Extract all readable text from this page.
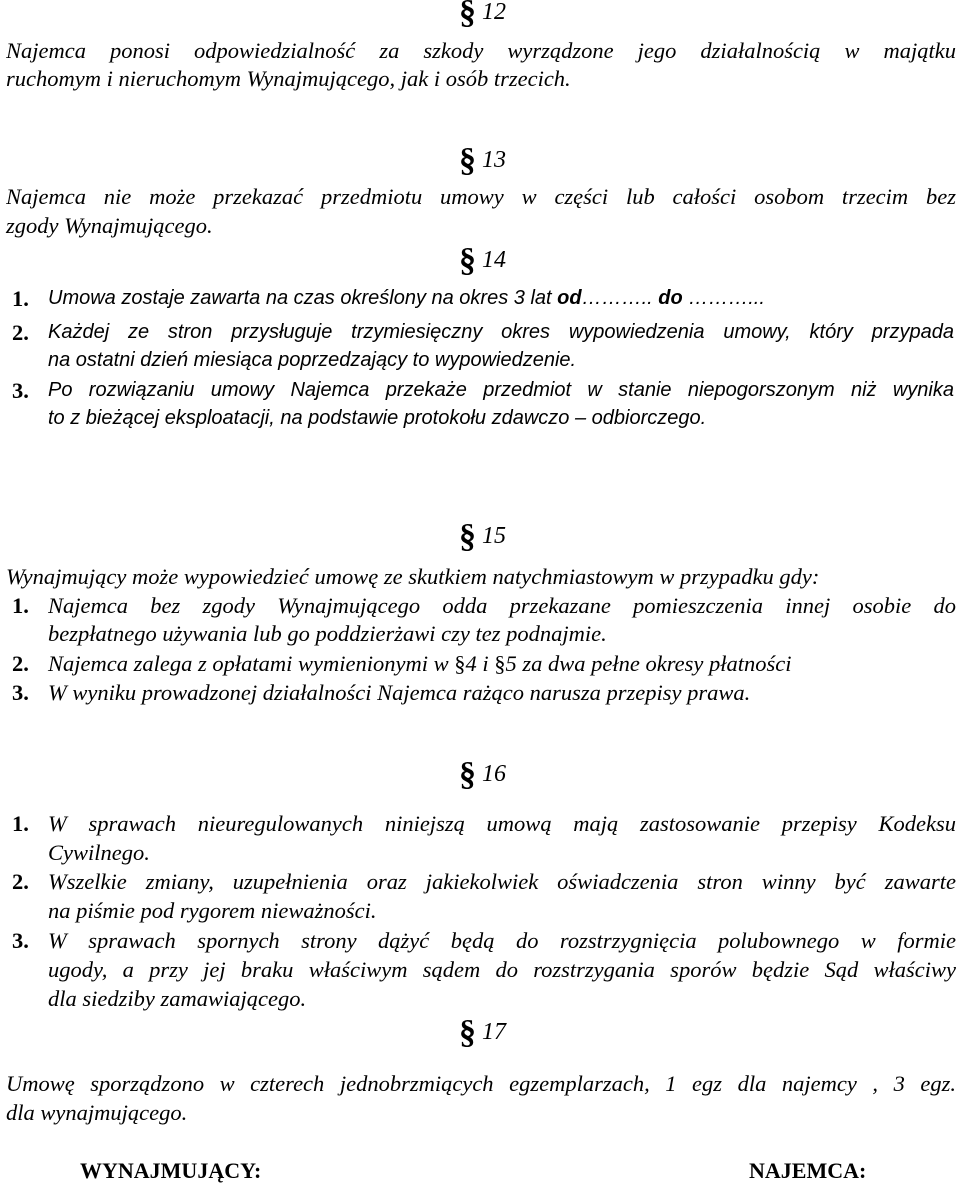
§ 12
Najemca ponosi odpowiedzialność za szkody wyrządzone jego działalnością w majątku
ruchomym i nieruchomym Wynajmującego, jak i osób trzecich.
§ 13
Najemca nie może przekazać przedmiotu umowy w części lub całości osobom trzecim bez
zgody Wynajmującego.
§ 14
1. Umowa zostaje zawarta na czas określony na okres 3 lat od……….. do ………...
2. Każdej ze stron przysługuje trzymiesięczny okres wypowiedzenia umowy, który przypada
na ostatni dzień miesiąca poprzedzający to wypowiedzenie.
3. Po rozwiązaniu umowy Najemca przekaże przedmiot w stanie niepogorszonym niż wynika
to z bieżącej eksploatacji, na podstawie protokołu zdawczo – odbiorczego.
§ 15
Wynajmujący może wypowiedzieć umowę ze skutkiem natychmiastowym w przypadku gdy:
1. Najemca bez zgody Wynajmującego odda przekazane pomieszczenia innej osobie do
bezpłatnego używania lub go poddzierżawi czy tez podnajmie.
2. Najemca zalega z opłatami wymienionymi w §4 i §5 za dwa pełne okresy płatności
3. W wyniku prowadzonej działalności Najemca rażąco narusza przepisy prawa.
§ 16
1. W sprawach nieuregulowanych niniejszą umową mają zastosowanie przepisy Kodeksu
Cywilnego.
2. Wszelkie zmiany, uzupełnienia oraz jakiekolwiek oświadczenia stron winny być zawarte
na piśmie pod rygorem nieważności.
3. W sprawach spornych strony dążyć będą do rozstrzygnięcia polubownego w formie
ugody, a przy jej braku właściwym sądem do rozstrzygania sporów będzie Sąd właściwy
dla siedziby zamawiającego.
§ 17
Umowę sporządzono w czterech jednobrzmiących egzemplarzach, 1 egz dla najemcy , 3 egz.
dla wynajmującego.
WYNAJMUJĄCY:	NAJEMCA:
